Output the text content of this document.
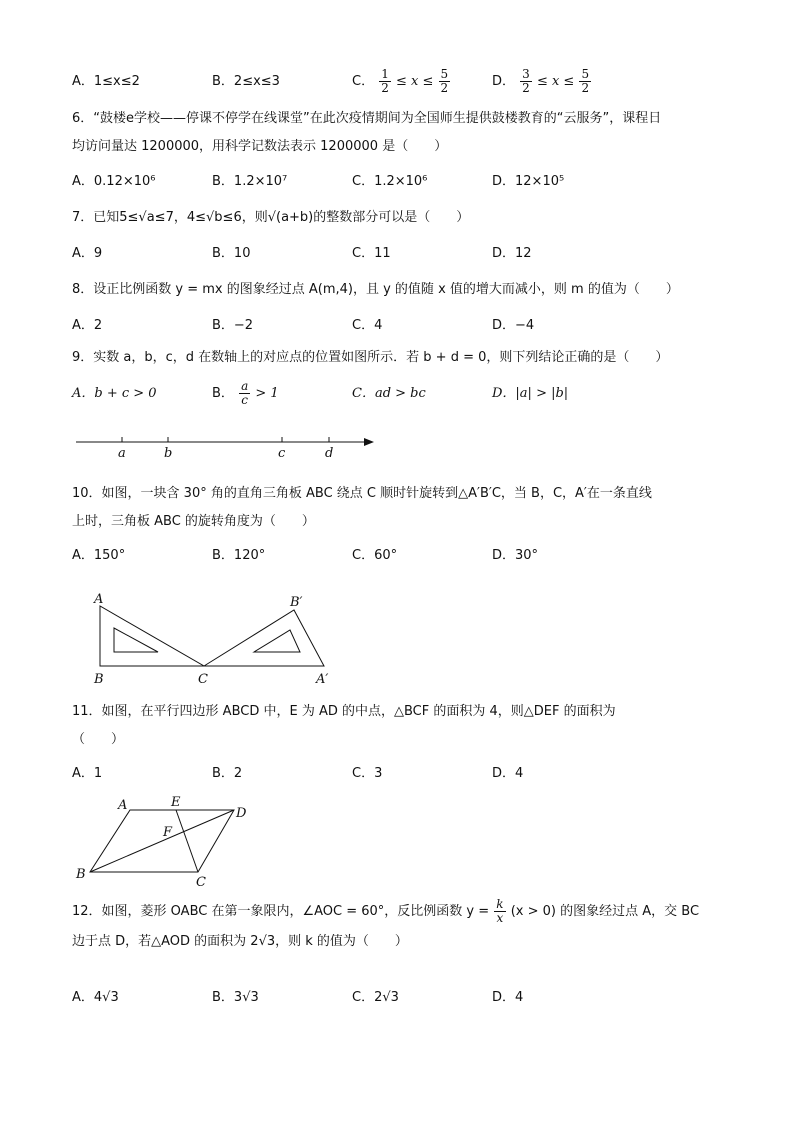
A．1≤x≤2	B．2≤x≤3	C． $\frac{1}{2} \le x \le \frac{5}{2}$	D． $\frac{3}{2} \le x \le \frac{5}{2}$
6．“鼓楼e学校——停课不停学在线课堂”在此次疫情期间为全国师生提供鼓楼教育的“云服务”，课程日
均访问量达 1200000，用科学记数法表示 1200000 是（　　）
A．0.12×10⁶	B．1.2×10⁷	C．1.2×10⁶	D．12×10⁵
7．已知5≤√a≤7，4≤√b≤6，则√(a+b)的整数部分可以是（　　）
A．9	B．10	C．11	D．12
8．设正比例函数 y = mx 的图象经过点 A(m,4)，且 y 的值随 x 值的增大而减小，则 m 的值为（　　）
A．2	B．−2	C．4	D．−4
9．实数 a，b，c，d 在数轴上的对应点的位置如图所示．若 b + d = 0，则下列结论正确的是（　　）
A．b + c > 0	B． $\frac{a}{c} > 1$	C．ad > bc	D．|a| > |b|
a	b	c	d
10．如图，一块含 30° 角的直角三角板 ABC 绕点 C 顺时针旋转到△A′B′C，当 B，C，A′在一条直线
上时，三角板 ABC 的旋转角度为（　　）
A．150°	B．120°	C．60°	D．30°
A
B	C
B′
A′
11．如图，在平行四边形 ABCD 中，E 为 AD 的中点，△BCF 的面积为 4，则△DEF 的面积为
（　　）
A．1	B．2	C．3	D．4
A	E
D
F
B
C
12．如图，菱形 OABC 在第一象限内，∠AOC = 60°，反比例函数 $y = \frac{k}{x} (x > 0)$ 的图象经过点 A，交 BC
边于点 D，若△AOD 的面积为 2√3，则 k 的值为（　　）
A．4√3	B．3√3	C．2√3	D．4
